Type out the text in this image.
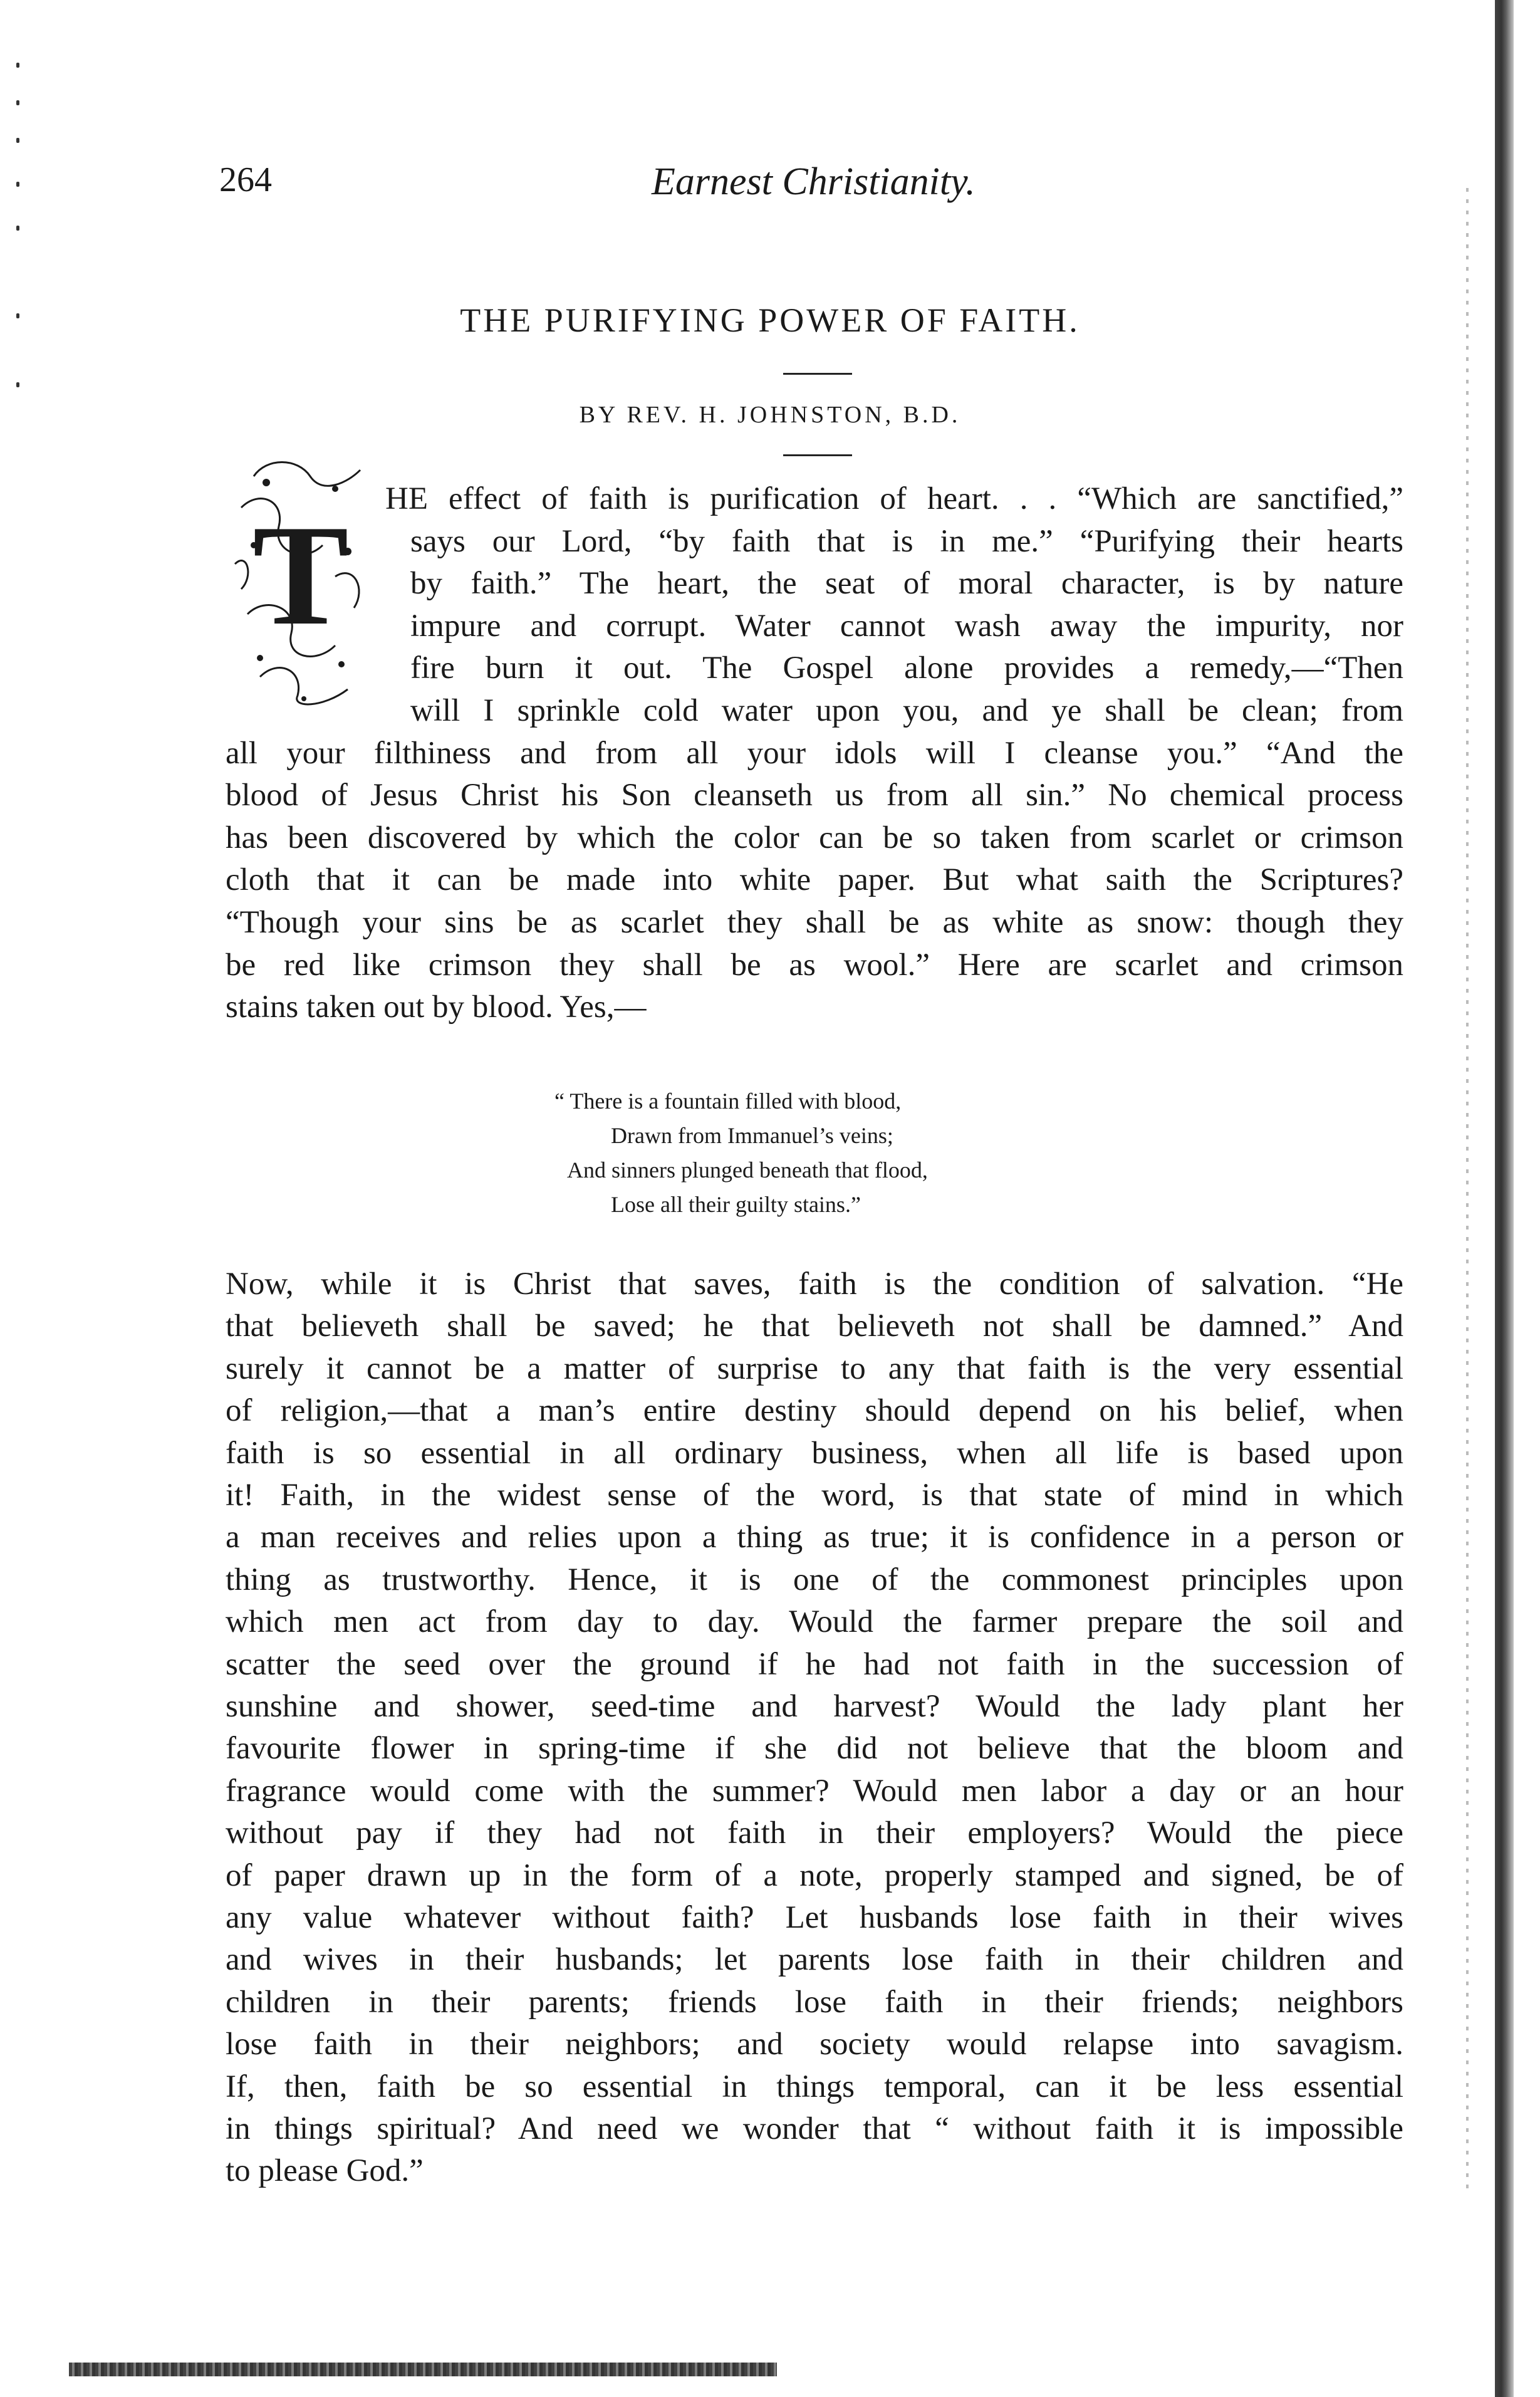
264	Earnest Christianity.
THE PURIFYING POWER OF FAITH.
BY REV. H. JOHNSTON, B.D.
T HE effect of faith is purification of heart. . . “Which are sanctified,”
says our Lord, “by faith that is in me.” “Purifying their hearts
by faith.” The heart, the seat of moral character, is by nature
impure and corrupt. Water cannot wash away the impurity, nor
fire burn it out. The Gospel alone provides a remedy,—“Then
will I sprinkle cold water upon you, and ye shall be clean; from
all your filthiness and from all your idols will I cleanse you.” “And the
blood of Jesus Christ his Son cleanseth us from all sin.” No chemical process
has been discovered by which the color can be so taken from scarlet or crimson
cloth that it can be made into white paper. But what saith the Scriptures?
“Though your sins be as scarlet they shall be as white as snow: though they
be red like crimson they shall be as wool.” Here are scarlet and crimson
stains taken out by blood. Yes,—
“ There is a fountain filled with blood,
Drawn from Immanuel’s veins;
And sinners plunged beneath that flood,
Lose all their guilty stains.”
Now, while it is Christ that saves, faith is the condition of salvation. “He
that believeth shall be saved; he that believeth not shall be damned.” And
surely it cannot be a matter of surprise to any that faith is the very essential
of religion,—that a man’s entire destiny should depend on his belief, when
faith is so essential in all ordinary business, when all life is based upon
it! Faith, in the widest sense of the word, is that state of mind in which
a man receives and relies upon a thing as true; it is confidence in a person or
thing as trustworthy. Hence, it is one of the commonest principles upon
which men act from day to day. Would the farmer prepare the soil and
scatter the seed over the ground if he had not faith in the succession of
sunshine and shower, seed-time and harvest? Would the lady plant her
favourite flower in spring-time if she did not believe that the bloom and
fragrance would come with the summer? Would men labor a day or an hour
without pay if they had not faith in their employers? Would the piece
of paper drawn up in the form of a note, properly stamped and signed, be of
any value whatever without faith? Let husbands lose faith in their wives
and wives in their husbands; let parents lose faith in their children and
children in their parents; friends lose faith in their friends; neighbors
lose faith in their neighbors; and society would relapse into savagism.
If, then, faith be so essential in things temporal, can it be less essential
in things spiritual? And need we wonder that “ without faith it is impossible
to please God.”
